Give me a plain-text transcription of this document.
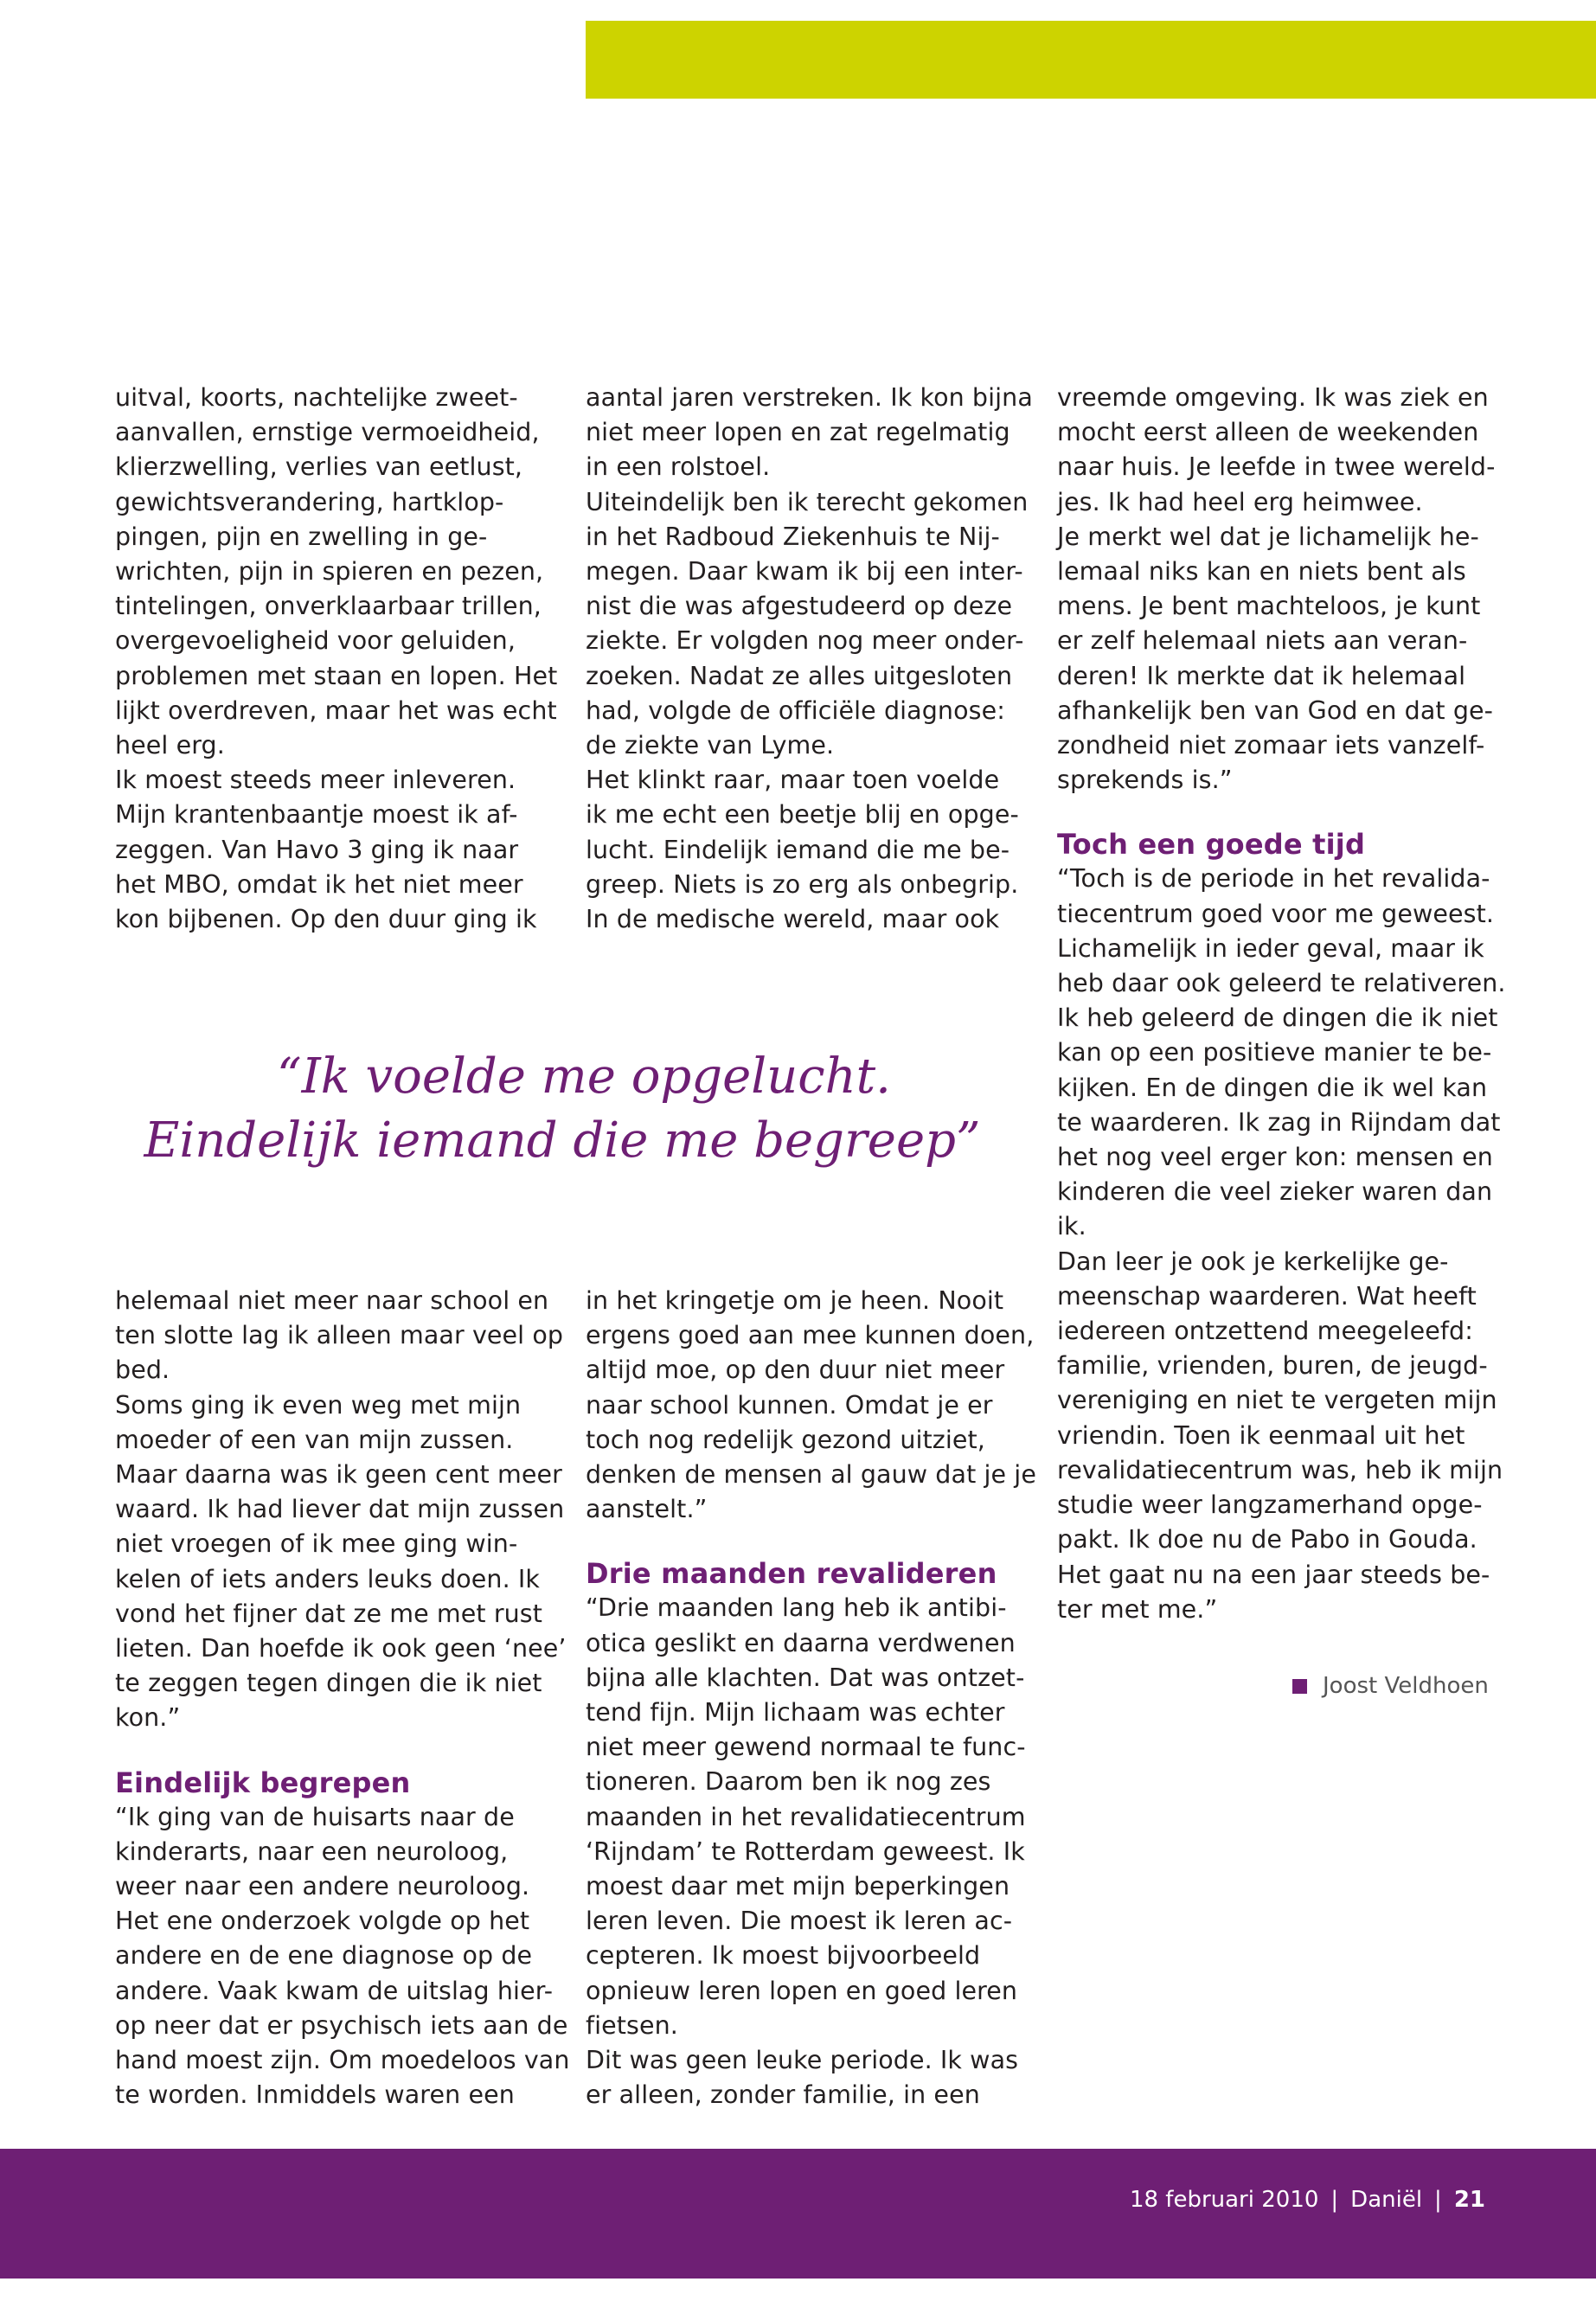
uitval, koorts, nachtelijke zweet-

aanvallen, ernstige vermoeidheid,

klierzwelling, verlies van eetlust,

gewichtsverandering, hartklop-

pingen, pijn en zwelling in ge-

wrichten, pijn in spieren en pezen,

tintelingen, onverklaarbaar trillen,

overgevoeligheid voor geluiden,

problemen met staan en lopen. Het

lijkt overdreven, maar het was echt

heel erg.

Ik moest steeds meer inleveren.

Mijn krantenbaantje moest ik af-

zeggen. Van Havo 3 ging ik naar

het MBO, omdat ik het niet meer

kon bijbenen. Op den duur ging ik

aantal jaren verstreken. Ik kon bijna

niet meer lopen en zat regelmatig

in een rolstoel.

Uiteindelijk ben ik terecht gekomen

in het Radboud Ziekenhuis te Nij-

megen. Daar kwam ik bij een inter-

nist die was afgestudeerd op deze

ziekte. Er volgden nog meer onder-

zoeken. Nadat ze alles uitgesloten

had, volgde de officiële diagnose:

de ziekte van Lyme.

Het klinkt raar, maar toen voelde

ik me echt een beetje blij en opge-

lucht. Eindelijk iemand die me be-

greep. Niets is zo erg als onbegrip.

In de medische wereld, maar ook

vreemde omgeving. Ik was ziek en

mocht eerst alleen de weekenden

naar huis. Je leefde in twee wereld-

jes. Ik had heel erg heimwee.

Je merkt wel dat je lichamelijk he-

lemaal niks kan en niets bent als

mens. Je bent machteloos, je kunt

er zelf helemaal niets aan veran-

deren! Ik merkte dat ik helemaal

afhankelijk ben van God en dat ge-

zondheid niet zomaar iets vanzelf-

sprekends is.”

Toch een goede tijd

“Toch is de periode in het revalida-

tiecentrum goed voor me geweest.

Lichamelijk in ieder geval, maar ik

heb daar ook geleerd te relativeren.

Ik heb geleerd de dingen die ik niet

kan op een positieve manier te be-

kijken. En de dingen die ik wel kan

te waarderen. Ik zag in Rijndam dat

het nog veel erger kon: mensen en

kinderen die veel zieker waren dan

ik.

Dan leer je ook je kerkelijke ge-

meenschap waarderen. Wat heeft

iedereen ontzettend meegeleefd:

familie, vrienden, buren, de jeugd-

vereniging en niet te vergeten mijn

vriendin. Toen ik eenmaal uit het

revalidatiecentrum was, heb ik mijn

studie weer langzamerhand opge-

pakt. Ik doe nu de Pabo in Gouda.

Het gaat nu na een jaar steeds be-

ter met me.”

“Ik voelde me opgelucht.
Eindelijk iemand die me begreep”

helemaal niet meer naar school en

ten slotte lag ik alleen maar veel op

bed.

Soms ging ik even weg met mijn

moeder of een van mijn zussen.

Maar daarna was ik geen cent meer

waard. Ik had liever dat mijn zussen

niet vroegen of ik mee ging win-

kelen of iets anders leuks doen. Ik

vond het fijner dat ze me met rust

lieten. Dan hoefde ik ook geen ‘nee’

te zeggen tegen dingen die ik niet

kon.”

Eindelijk begrepen

“Ik ging van de huisarts naar de

kinderarts, naar een neuroloog,

weer naar een andere neuroloog.

Het ene onderzoek volgde op het

andere en de ene diagnose op de

andere. Vaak kwam de uitslag hier-

op neer dat er psychisch iets aan de

hand moest zijn. Om moedeloos van

te worden. Inmiddels waren een

in het kringetje om je heen. Nooit

ergens goed aan mee kunnen doen,

altijd moe, op den duur niet meer

naar school kunnen. Omdat je er

toch nog redelijk gezond uitziet,

denken de mensen al gauw dat je je

aanstelt.”

Drie maanden revalideren

“Drie maanden lang heb ik antibi-

otica geslikt en daarna verdwenen

bijna alle klachten. Dat was ontzet-

tend fijn. Mijn lichaam was echter

niet meer gewend normaal te func-

tioneren. Daarom ben ik nog zes

maanden in het revalidatiecentrum

‘Rijndam’ te Rotterdam geweest. Ik

moest daar met mijn beperkingen

leren leven. Die moest ik leren ac-

cepteren. Ik moest bijvoorbeeld

opnieuw leren lopen en goed leren

fietsen.

Dit was geen leuke periode. Ik was

er alleen, zonder familie, in een

Joost Veldhoen
18 februari 2010 | Daniël | 21
